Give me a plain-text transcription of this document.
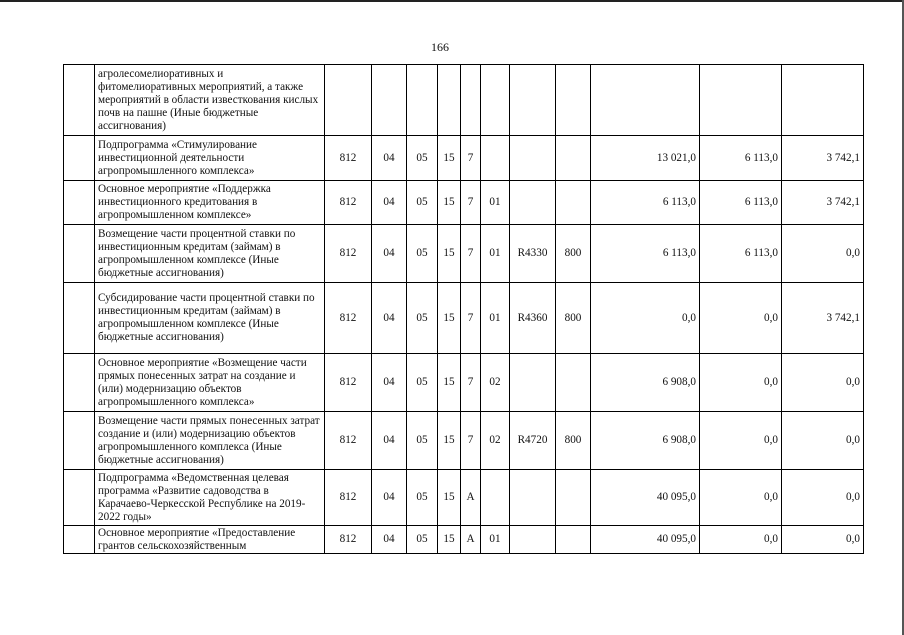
166
	агролесомелиоративных и фитомелиоративных мероприятий, а также мероприятий в области известкования кислых почв на пашне (Иные бюджетные ассигнования)											
	Подпрограмма «Стимулирование инвестиционной деятельности агропромышленного комплекса»	812	04	05	15	7				13 021,0	6 113,0	3 742,1
	Основное мероприятие «Поддержка инвестиционного кредитования в агропромышленном комплексе»	812	04	05	15	7	01			6 113,0	6 113,0	3 742,1
	Возмещение части процентной ставки по инвестиционным кредитам (займам) в агропромышленном комплексе (Иные бюджетные ассигнования)	812	04	05	15	7	01	R4330	800	6 113,0	6 113,0	0,0
	Субсидирование части процентной ставки по инвестиционным кредитам (займам) в агропромышленном комплексе (Иные бюджетные ассигнования)	812	04	05	15	7	01	R4360	800	0,0	0,0	3 742,1
	Основное мероприятие «Возмещение части прямых понесенных затрат на создание и (или) модернизацию объектов агропромышленного комплекса»	812	04	05	15	7	02			6 908,0	0,0	0,0
	Возмещение части прямых понесенных затрат создание и (или) модернизацию объектов агропромышленного комплекса (Иные бюджетные ассигнования)	812	04	05	15	7	02	R4720	800	6 908,0	0,0	0,0
	Подпрограмма «Ведомственная целевая программа «Развитие садоводства в Карачаево-Черкесской Республике на 2019-2022 годы»	812	04	05	15	А				40 095,0	0,0	0,0
	Основное мероприятие «Предоставление грантов сельскохозяйственным	812	04	05	15	А	01			40 095,0	0,0	0,0
